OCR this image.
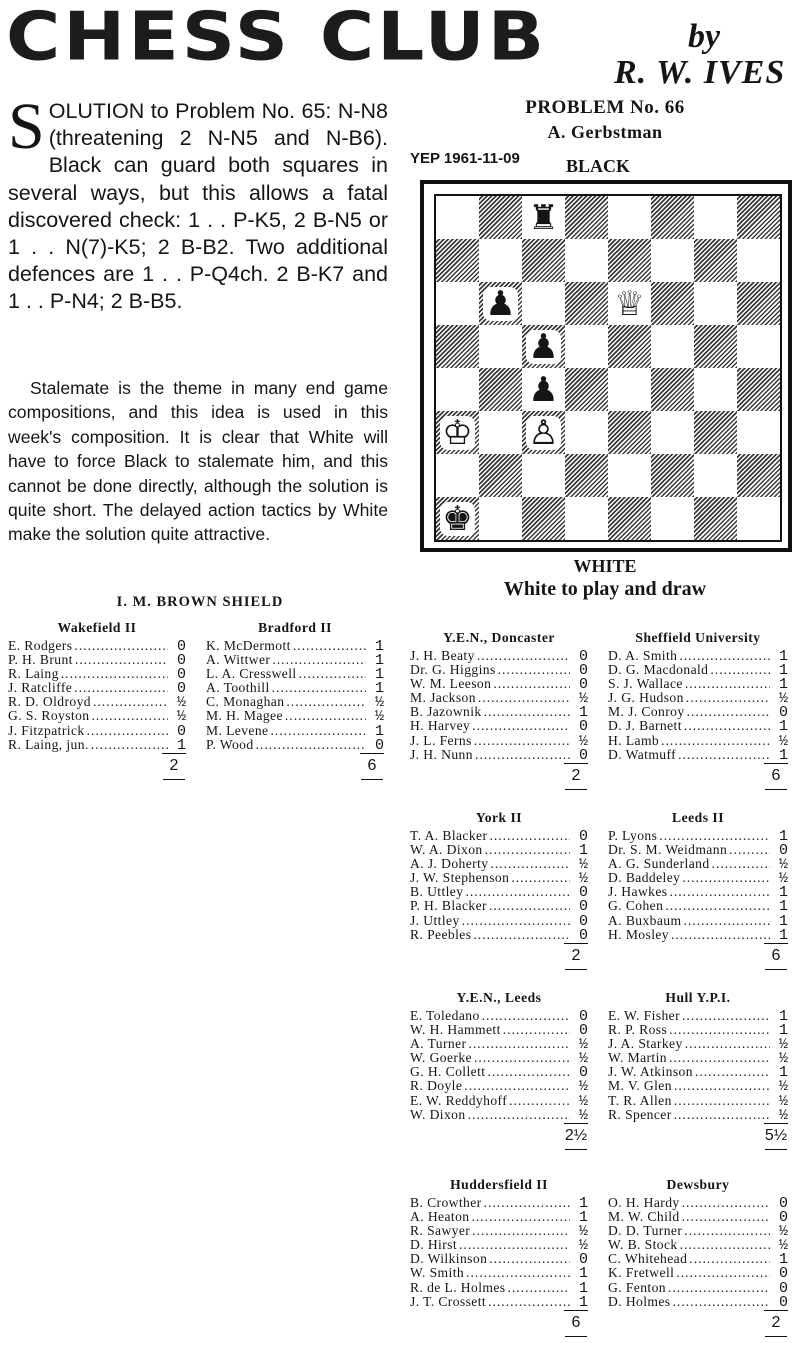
CHESS CLUB	by
R. W. IVES
SOLUTION to Problem No. 65: N-N8 (threatening 2 N-N5 and N-B6). Black can guard both squares in several ways, but this allows a fatal discovered check: 1 . . P-K5, 2 B-N5 or 1 . . N(7)-K5; 2 B-B2. Two additional defences are 1 . . P-Q4ch. 2 B-K7 and 1 . . P-N4; 2 B-B5.
Stalemate is the theme in many end game compositions, and this idea is used in this week's composition. It is clear that White will have to force Black to stalemate him, and this cannot be done directly, although the solution is quite short. The delayed action tactics by White make the solution quite attractive.
PROBLEM No. 66
A. Gerbstman
YEP 1961-11-09	BLACK
♜
♟	♕
♟
♟
♔ ♙
♚
WHITE
White to play and draw
I. M. BROWN SHIELD
Wakefield II
E. Rodgers .....	0
P. H. Brunt .....	0
R. Laing .....	0
J. Ratcliffe .....	0
R. D. Oldroyd .....	½
G. S. Royston .....	½
J. Fitzpatrick .....	0
R. Laing, jun. .....	1
2
Bradford II
K. McDermott .....	1
A. Wittwer .....	1
L. A. Cresswell .....	1
A. Toothill .....	1
C. Monaghan .....	½
M. H. Magee .....	½
M. Levene .....	1
P. Wood .....	0
6
Y.E.N., Doncaster
J. H. Beaty .....	0
Dr. G. Higgins .....	0
W. M. Leeson .....	0
M. Jackson .....	½
B. Jazownik .....	1
H. Harvey .....	0
J. L. Ferns .....	½
J. H. Nunn .....	0
2
Sheffield University
D. A. Smith .....	1
D. G. Macdonald .....	1
S. J. Wallace .....	1
J. G. Hudson .....	½
M. J. Conroy .....	0
D. J. Barnett .....	1
H. Lamb .....	½
D. Watmuff .....	1
6
York II
T. A. Blacker .....	0
W. A. Dixon .....	1
A. J. Doherty .....	½
J. W. Stephenson .....	½
B. Uttley .....	0
P. H. Blacker .....	0
J. Uttley .....	0
R. Peebles .....	0
2
Leeds II
P. Lyons .....	1
Dr. S. M. Weidmann .....	0
A. G. Sunderland .....	½
D. Baddeley .....	½
J. Hawkes .....	1
G. Cohen .....	1
A. Buxbaum .....	1
H. Mosley .....	1
6
Y.E.N., Leeds
E. Toledano .....	0
W. H. Hammett .....	0
A. Turner .....	½
W. Goerke .....	½
G. H. Collett .....	0
R. Doyle .....	½
E. W. Reddyhoff .....	½
W. Dixon .....	½
2½
Hull Y.P.I.
E. W. Fisher .....	1
R. P. Ross .....	1
J. A. Starkey .....	½
W. Martin .....	½
J. W. Atkinson .....	1
M. V. Glen .....	½
T. R. Allen .....	½
R. Spencer .....	½
5½
Huddersfield II
B. Crowther .....	1
A. Heaton .....	1
R. Sawyer .....	½
D. Hirst .....	½
D. Wilkinson .....	0
W. Smith .....	1
R. de L. Holmes .....	1
J. T. Crossett .....	1
6
Dewsbury
O. H. Hardy .....	0
M. W. Child .....	0
D. D. Turner .....	½
W. B. Stock .....	½
C. Whitehead .....	1
K. Fretwell .....	0
G. Fenton .....	0
D. Holmes .....	0
2
